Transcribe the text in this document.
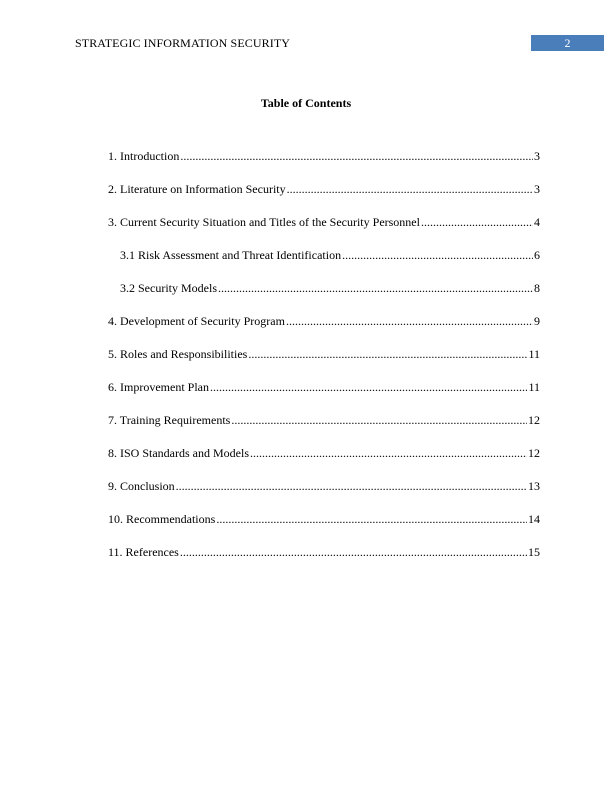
STRATEGIC INFORMATION SECURITY	2
Table of Contents
1. Introduction .....	3
2. Literature on Information Security .....	3
3. Current Security Situation and Titles of the Security Personnel .....	4
3.1 Risk Assessment and Threat Identification .....	6
3.2 Security Models .....	8
4. Development of Security Program .....	9
5. Roles and Responsibilities .....	11
6. Improvement Plan .....	11
7. Training Requirements .....	12
8. ISO Standards and Models .....	12
9. Conclusion .....	13
10. Recommendations .....	14
11. References .....	15
